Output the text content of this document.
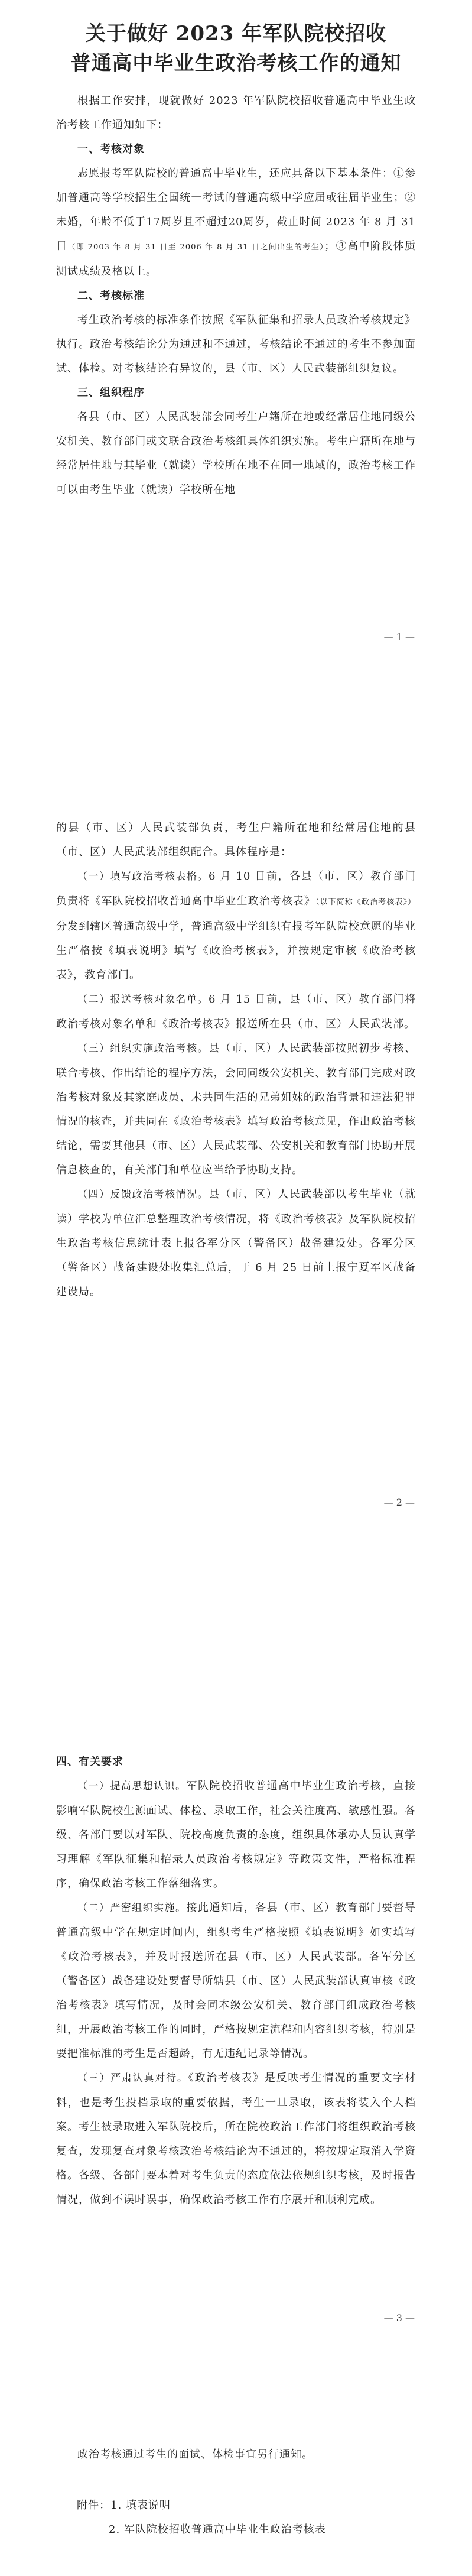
关于做好 2023 年军队院校招收
普通高中毕业生政治考核工作的通知

根据工作安排，现就做好 2023 年军队院校招收普通高中毕业生政治考核工作通知如下：

一、考核对象

志愿报考军队院校的普通高中毕业生，还应具备以下基本条件：①参加普通高等学校招生全国统一考试的普通高级中学应届或往届毕业生；②未婚，年龄不低于17周岁且不超过20周岁，截止时间 2023 年 8 月 31 日（即 2003 年 8 月 31 日至 2006 年 8 月 31 日之间出生的考生）；③高中阶段体质测试成绩及格以上。

二、考核标准

考生政治考核的标准条件按照《军队征集和招录人员政治考核规定》执行。政治考核结论分为通过和不通过，考核结论不通过的考生不参加面试、体检。对考核结论有异议的，县（市、区）人民武装部组织复议。

三、组织程序

各县（市、区）人民武装部会同考生户籍所在地或经常居住地同级公安机关、教育部门或文联合政治考核组具体组织实施。考生户籍所在地与经常居住地与其毕业（就读）学校所在地不在同一地域的，政治考核工作可以由考生毕业（就读）学校所在地

— 1 —

的县（市、区）人民武装部负责，考生户籍所在地和经常居住地的县（市、区）人民武装部组织配合。具体程序是：

（一）填写政治考核表格。6 月 10 日前，各县（市、区）教育部门负责将《军队院校招收普通高中毕业生政治考核表》（以下简称《政治考核表》）分发到辖区普通高级中学，普通高级中学组织有报考军队院校意愿的毕业生严格按《填表说明》填写《政治考核表》，并按规定审核《政治考核表》，教育部门。

（二）报送考核对象名单。6 月 15 日前，县（市、区）教育部门将政治考核对象名单和《政治考核表》报送所在县（市、区）人民武装部。

（三）组织实施政治考核。县（市、区）人民武装部按照初步考核、联合考核、作出结论的程序方法，会同同级公安机关、教育部门完成对政治考核对象及其家庭成员、未共同生活的兄弟姐妹的政治背景和违法犯罪情况的核查，并共同在《政治考核表》填写政治考核意见，作出政治考核结论，需要其他县（市、区）人民武装部、公安机关和教育部门协助开展信息核查的，有关部门和单位应当给予协助支持。

（四）反馈政治考核情况。县（市、区）人民武装部以考生毕业（就读）学校为单位汇总整理政治考核情况，将《政治考核表》及军队院校招生政治考核信息统计表上报各军分区（警备区）战备建设处。各军分区（警备区）战备建设处收集汇总后，于 6 月 25 日前上报宁夏军区战备建设局。

— 2 —

四、有关要求

（一）提高思想认识。军队院校招收普通高中毕业生政治考核，直接影响军队院校生源面试、体检、录取工作，社会关注度高、敏感性强。各级、各部门要以对军队、院校高度负责的态度，组织具体承办人员认真学习理解《军队征集和招录人员政治考核规定》等政策文件，严格标准程序，确保政治考核工作落细落实。

（二）严密组织实施。接此通知后，各县（市、区）教育部门要督导普通高级中学在规定时间内，组织考生严格按照《填表说明》如实填写《政治考核表》，并及时报送所在县（市、区）人民武装部。各军分区（警备区）战备建设处要督导所辖县（市、区）人民武装部认真审核《政治考核表》填写情况，及时会同本级公安机关、教育部门组成政治考核组，开展政治考核工作的同时，严格按规定流程和内容组织考核，特别是要把准标准的考生是否超龄，有无违纪记录等情况。

（三）严肃认真对待。《政治考核表》是反映考生情况的重要文字材料，也是考生投档录取的重要依据，考生一旦录取，该表将装入个人档案。考生被录取进入军队院校后，所在院校政治工作部门将组织政治考核复查，发现复查对象考核政治考核结论为不通过的，将按规定取消入学资格。各级、各部门要本着对考生负责的态度依法依规组织考核，及时报告情况，做到不误时误事，确保政治考核工作有序展开和顺利完成。

— 3 —

政治考核通过考生的面试、体检事宜另行通知。

附件：1. 填表说明

2. 军队院校招收普通高中毕业生政治考核表
